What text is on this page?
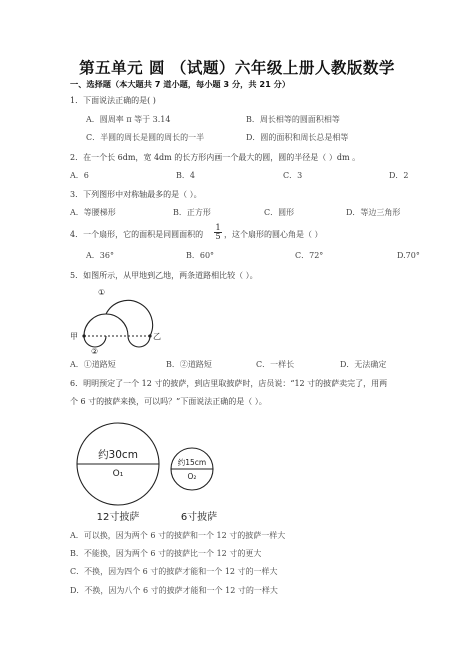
第五单元 圆 （试题）六年级上册人教版数学
一、选择题（本大题共 7 道小题，每小题 3 分，共 21 分）
1．下面说法正确的是( )
A．圆周率 π 等于 3.14	B．周长相等的圆面积相等
C．半圆的周长是圆的周长的一半	D．圆的面积和周长总是相等
2．在一个长 6dm，宽 4dm 的长方形内画一个最大的圆，圆的半径是（ ）dm 。
A．6	B．4	C．3	D．2
3．下列图形中对称轴最多的是（ ）。
A．等腰梯形	B．正方形	C．圆形	D．等边三角形
4．一个扇形，它的面积是同圆面积的 $\frac{1}{5}$ ，这个扇形的圆心角是（ ）
A．36°	B．60°	C．72°	D.70°
5．如图所示，从甲地到乙地，两条道路相比较（ ）。
甲	乙
①
②
A．①道路短	B．②道路短	C．一样长	D．无法确定
6．明明预定了一个 12 寸的披萨，到店里取披萨时，店员说：“12 寸的披萨卖完了，用两
个 6 寸的披萨来换，可以吗？”下面说法正确的是（ ）。
约30cm
O₁
12寸披萨
约15cm
O₂
6寸披萨
A．可以换，因为两个 6 寸的披萨和一个 12 寸的披萨一样大
B．不能换，因为两个 6 寸的披萨比一个 12 寸的更大
C．不换，因为四个 6 寸的披萨才能和一个 12 寸的一样大
D．不换，因为八个 6 寸的披萨才能和一个 12 寸的一样大
